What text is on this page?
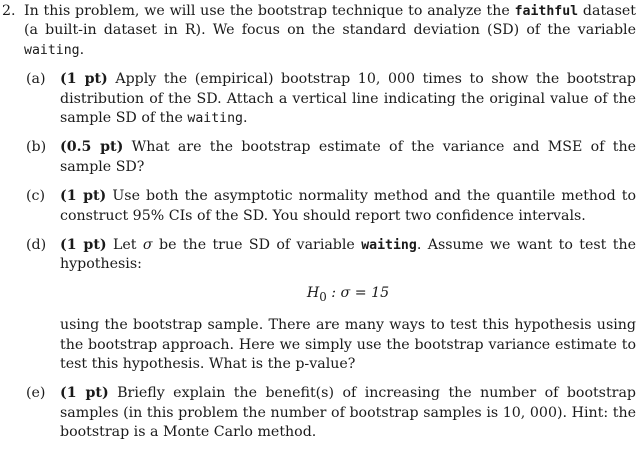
2. In this problem, we will use the bootstrap technique to analyze the faithful dataset (a built-in dataset in R). We focus on the standard deviation (SD) of the variable waiting.
(a)	(1 pt) Apply the (empirical) bootstrap 10, 000 times to show the bootstrap distribution of the SD. Attach a vertical line indicating the original value of the sample SD of the waiting.
(b) (0.5 pt) What are the bootstrap estimate of the variance and MSE of the sample SD?
(c)	(1 pt) Use both the asymptotic normality method and the quantile method to construct 95% CIs of the SD. You should report two confidence intervals.
(d) (1 pt) Let σ be the true SD of variable waiting. Assume we want to test the hypothesis:
$H_0$ : σ = 15
using the bootstrap sample. There are many ways to test this hypothesis using the bootstrap approach. Here we simply use the bootstrap variance estimate to test this hypothesis. What is the p-value?
(e)	(1 pt) Briefly explain the benefit(s) of increasing the number of bootstrap samples (in this problem the number of bootstrap samples is 10, 000). Hint: the bootstrap is a Monte Carlo method.
